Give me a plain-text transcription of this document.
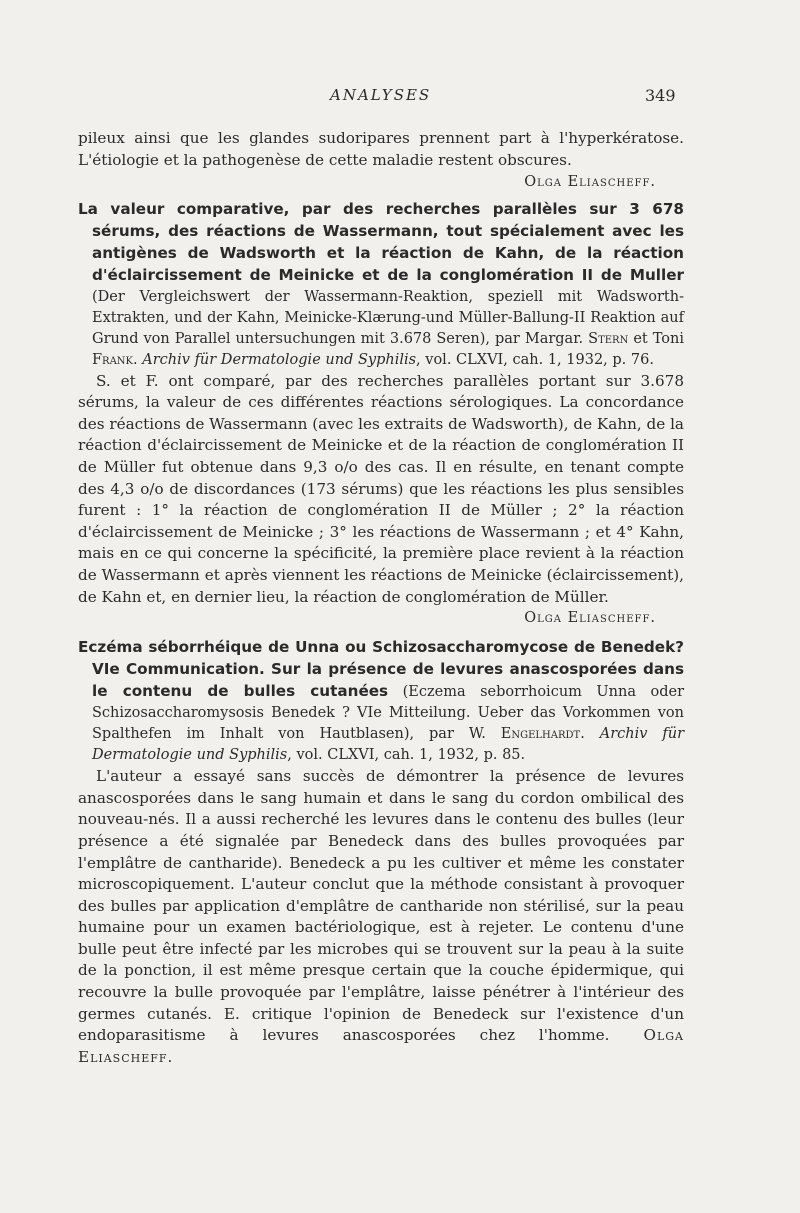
ANALYSES	349

pileux ainsi que les glandes sudoripares prennent part à l'hyperkératose. L'étiologie et la pathogenèse de cette maladie restent obscures.

Olga Eliascheff.

La valeur comparative, par des recherches parallèles sur 3 678 sérums, des réactions de Wassermann, tout spécialement avec les antigènes de Wadsworth et la réaction de Kahn, de la réaction d'éclaircissement de Meinicke et de la conglomération II de Muller (Der Vergleichswert der Wassermann-Reaktion, speziell mit Wadsworth-Extrakten, und der Kahn, Meinicke-Klærung-und Müller-Ballung-II Reaktion auf Grund von Parallel untersuchungen mit 3.678 Seren), par Margar. Stern et Toni Frank. Archiv für Dermatologie und Syphilis, vol. CLXVI, cah. 1, 1932, p. 76.

S. et F. ont comparé, par des recherches parallèles portant sur 3.678 sérums, la valeur de ces différentes réactions sérologiques. La concordance des réactions de Wassermann (avec les extraits de Wadsworth), de Kahn, de la réaction d'éclaircissement de Meinicke et de la réaction de conglomération II de Müller fut obtenue dans 9,3 o/o des cas. Il en résulte, en tenant compte des 4,3 o/o de discordances (173 sérums) que les réactions les plus sensibles furent : 1° la réaction de conglomération II de Müller ; 2° la réaction d'éclaircissement de Meinicke ; 3° les réactions de Wassermann ; et 4° Kahn, mais en ce qui concerne la spécificité, la première place revient à la réaction de Wassermann et après viennent les réactions de Meinicke (éclaircissement), de Kahn et, en dernier lieu, la réaction de conglomération de Müller.

Olga Eliascheff.

Eczéma séborrhéique de Unna ou Schizosaccharomycose de Benedek? VIe Communication. Sur la présence de levures anascosporées dans le contenu de bulles cutanées (Eczema seborrhoicum Unna oder Schizosaccharomysosis Benedek ? VIe Mitteilung. Ueber das Vorkommen von Spalthefen im Inhalt von Hautblasen), par W. Engelhardt. Archiv für Dermatologie und Syphilis, vol. CLXVI, cah. 1, 1932, p. 85.

L'auteur a essayé sans succès de démontrer la présence de levures anascosporées dans le sang humain et dans le sang du cordon ombilical des nouveau-nés. Il a aussi recherché les levures dans le contenu des bulles (leur présence a été signalée par Benedeck dans des bulles provoquées par l'emplâtre de cantharide). Benedeck a pu les cultiver et même les constater microscopiquement. L'auteur conclut que la méthode consistant à provoquer des bulles par application d'emplâtre de cantharide non stérilisé, sur la peau humaine pour un examen bactériologique, est à rejeter. Le contenu d'une bulle peut être infecté par les microbes qui se trouvent sur la peau à la suite de la ponction, il est même presque certain que la couche épidermique, qui recouvre la bulle provoquée par l'emplâtre, laisse pénétrer à l'intérieur des germes cutanés. E. critique l'opinion de Benedeck sur l'existence d'un endoparasitisme à levures anascosporées chez l'homme. Olga Eliascheff.
